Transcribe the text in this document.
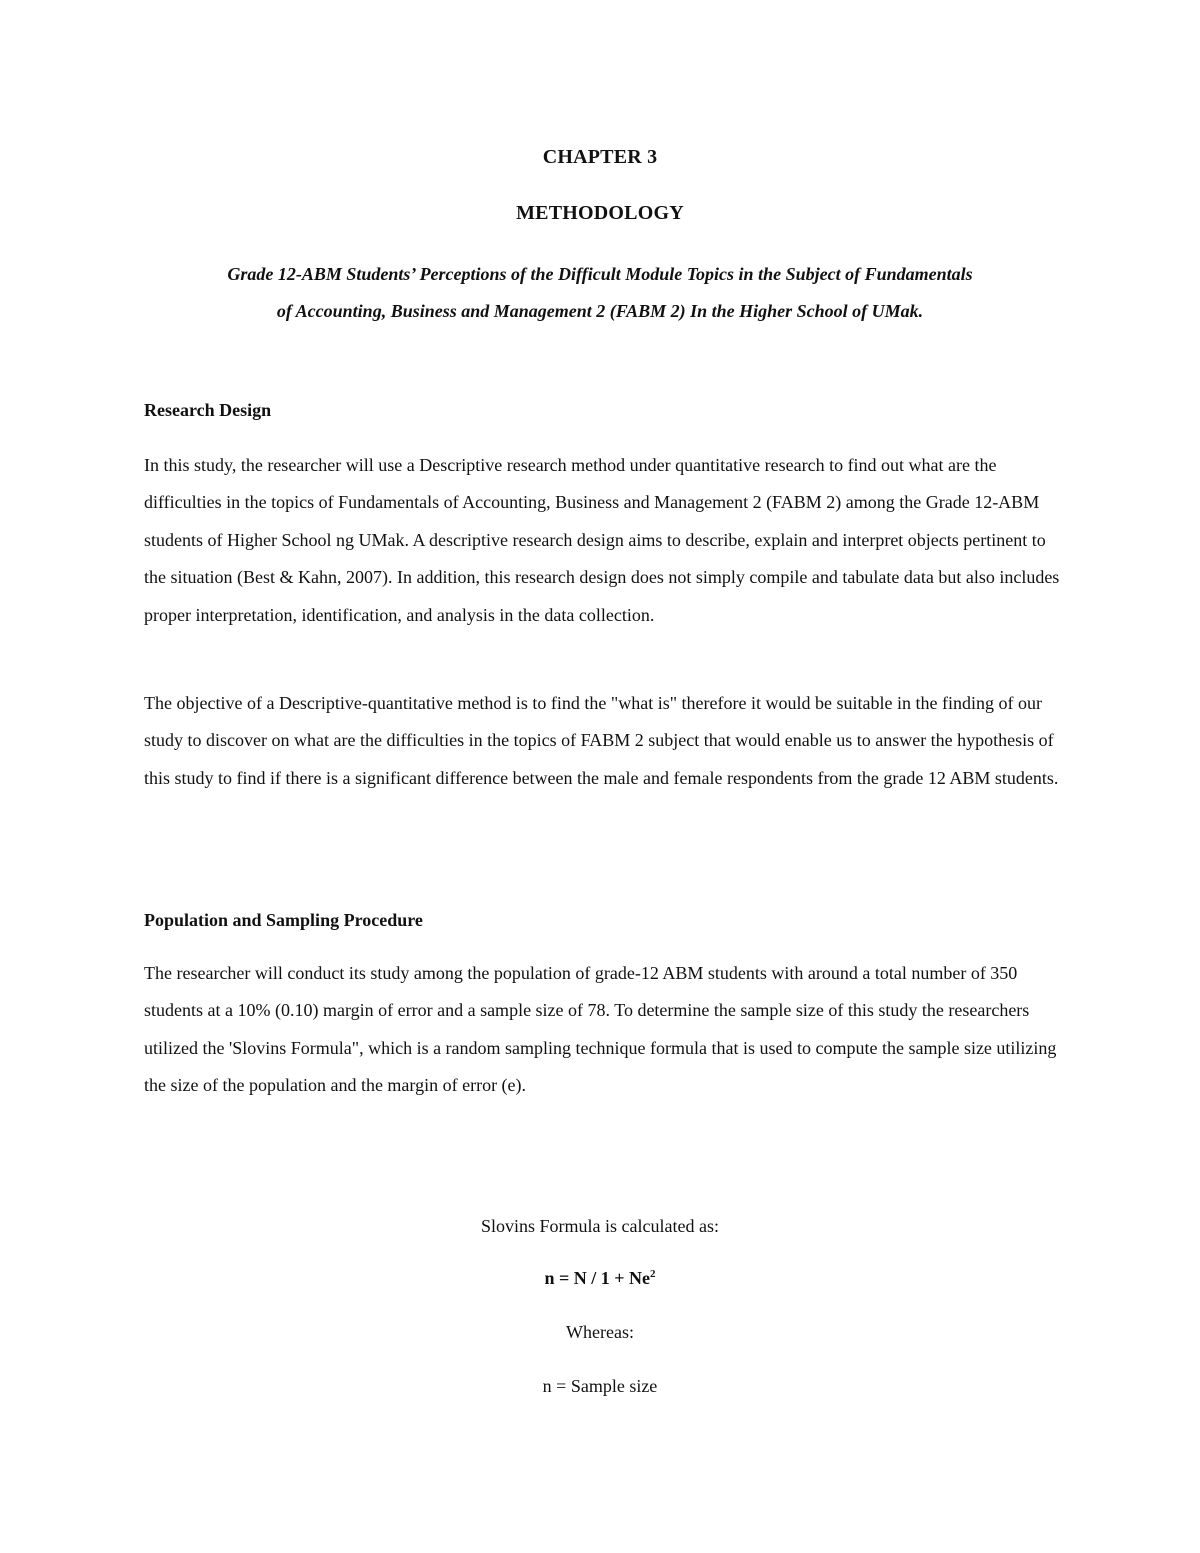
CHAPTER 3
METHODOLOGY
Grade 12-ABM Students’ Perceptions of the Difficult Module Topics in the Subject of Fundamentals
of Accounting, Business and Management 2 (FABM 2) In the Higher School of UMak.
Research Design

In this study, the researcher will use a Descriptive research method under quantitative research to find out what are the difficulties in the topics of Fundamentals of Accounting, Business and Management 2 (FABM 2) among the Grade 12-ABM students of Higher School ng UMak. A descriptive research design aims to describe, explain and interpret objects pertinent to the situation (Best & Kahn, 2007). In addition, this research design does not simply compile and tabulate data but also includes proper interpretation, identification, and analysis in the data collection.

The objective of a Descriptive-quantitative method is to find the "what is" therefore it would be suitable in the finding of our study to discover on what are the difficulties in the topics of FABM 2 subject that would enable us to answer the hypothesis of this study to find if there is a significant difference between the male and female respondents from the grade 12 ABM students.

Population and Sampling Procedure

The researcher will conduct its study among the population of grade-12 ABM students with around a total number of 350 students at a 10% (0.10) margin of error and a sample size of 78. To determine the sample size of this study the researchers utilized the 'Slovins Formula", which is a random sampling technique formula that is used to compute the sample size utilizing the size of the population and the margin of error (e).

Slovins Formula is calculated as:
$n = N / 1 + Ne^2$
Whereas:
n = Sample size
